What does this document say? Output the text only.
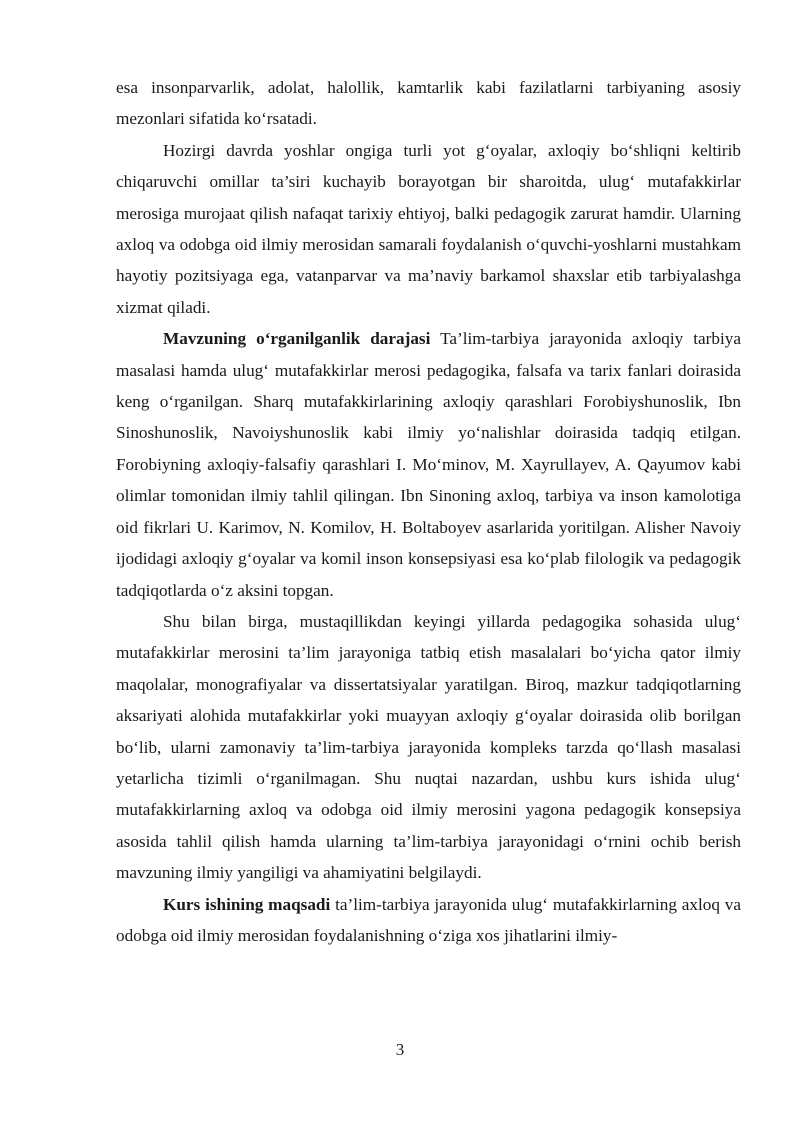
esa insonparvarlik, adolat, halollik, kamtarlik kabi fazilatlarni tarbiyaning asosiy mezonlari sifatida ko‘rsatadi.

Hozirgi davrda yoshlar ongiga turli yot g‘oyalar, axloqiy bo‘shliqni keltirib chiqaruvchi omillar ta’siri kuchayib borayotgan bir sharoitda, ulug‘ mutafakkirlar merosiga murojaat qilish nafaqat tarixiy ehtiyoj, balki pedagogik zarurat hamdir. Ularning axloq va odobga oid ilmiy merosidan samarali foydalanish o‘quvchi-yoshlarni mustahkam hayotiy pozitsiyaga ega, vatanparvar va ma’naviy barkamol shaxslar etib tarbiyalashga xizmat qiladi.

Mavzuning o‘rganilganlik darajasi Ta’lim-tarbiya jarayonida axloqiy tarbiya masalasi hamda ulug‘ mutafakkirlar merosi pedagogika, falsafa va tarix fanlari doirasida keng o‘rganilgan. Sharq mutafakkirlarining axloqiy qarashlari Forobiyshunoslik, Ibn Sinoshunoslik, Navoiyshunoslik kabi ilmiy yo‘nalishlar doirasida tadqiq etilgan. Forobiyning axloqiy-falsafiy qarashlari I. Mo‘minov, M. Xayrullayev, A. Qayumov kabi olimlar tomonidan ilmiy tahlil qilingan. Ibn Sinoning axloq, tarbiya va inson kamolotiga oid fikrlari U. Karimov, N. Komilov, H. Boltaboyev asarlarida yoritilgan. Alisher Navoiy ijodidagi axloqiy g‘oyalar va komil inson konsepsiyasi esa ko‘plab filologik va pedagogik tadqiqotlarda o‘z aksini topgan.

Shu bilan birga, mustaqillikdan keyingi yillarda pedagogika sohasida ulug‘ mutafakkirlar merosini ta’lim jarayoniga tatbiq etish masalalari bo‘yicha qator ilmiy maqolalar, monografiyalar va dissertatsiyalar yaratilgan. Biroq, mazkur tadqiqotlarning aksariyati alohida mutafakkirlar yoki muayyan axloqiy g‘oyalar doirasida olib borilgan bo‘lib, ularni zamonaviy ta’lim-tarbiya jarayonida kompleks tarzda qo‘llash masalasi yetarlicha tizimli o‘rganilmagan. Shu nuqtai nazardan, ushbu kurs ishida ulug‘ mutafakkirlarning axloq va odobga oid ilmiy merosini yagona pedagogik konsepsiya asosida tahlil qilish hamda ularning ta’lim-tarbiya jarayonidagi o‘rnini ochib berish mavzuning ilmiy yangiligi va ahamiyatini belgilaydi.

Kurs ishining maqsadi ta’lim-tarbiya jarayonida ulug‘ mutafakkirlarning axloq va odobga oid ilmiy merosidan foydalanishning o‘ziga xos jihatlarini ilmiy-

3
